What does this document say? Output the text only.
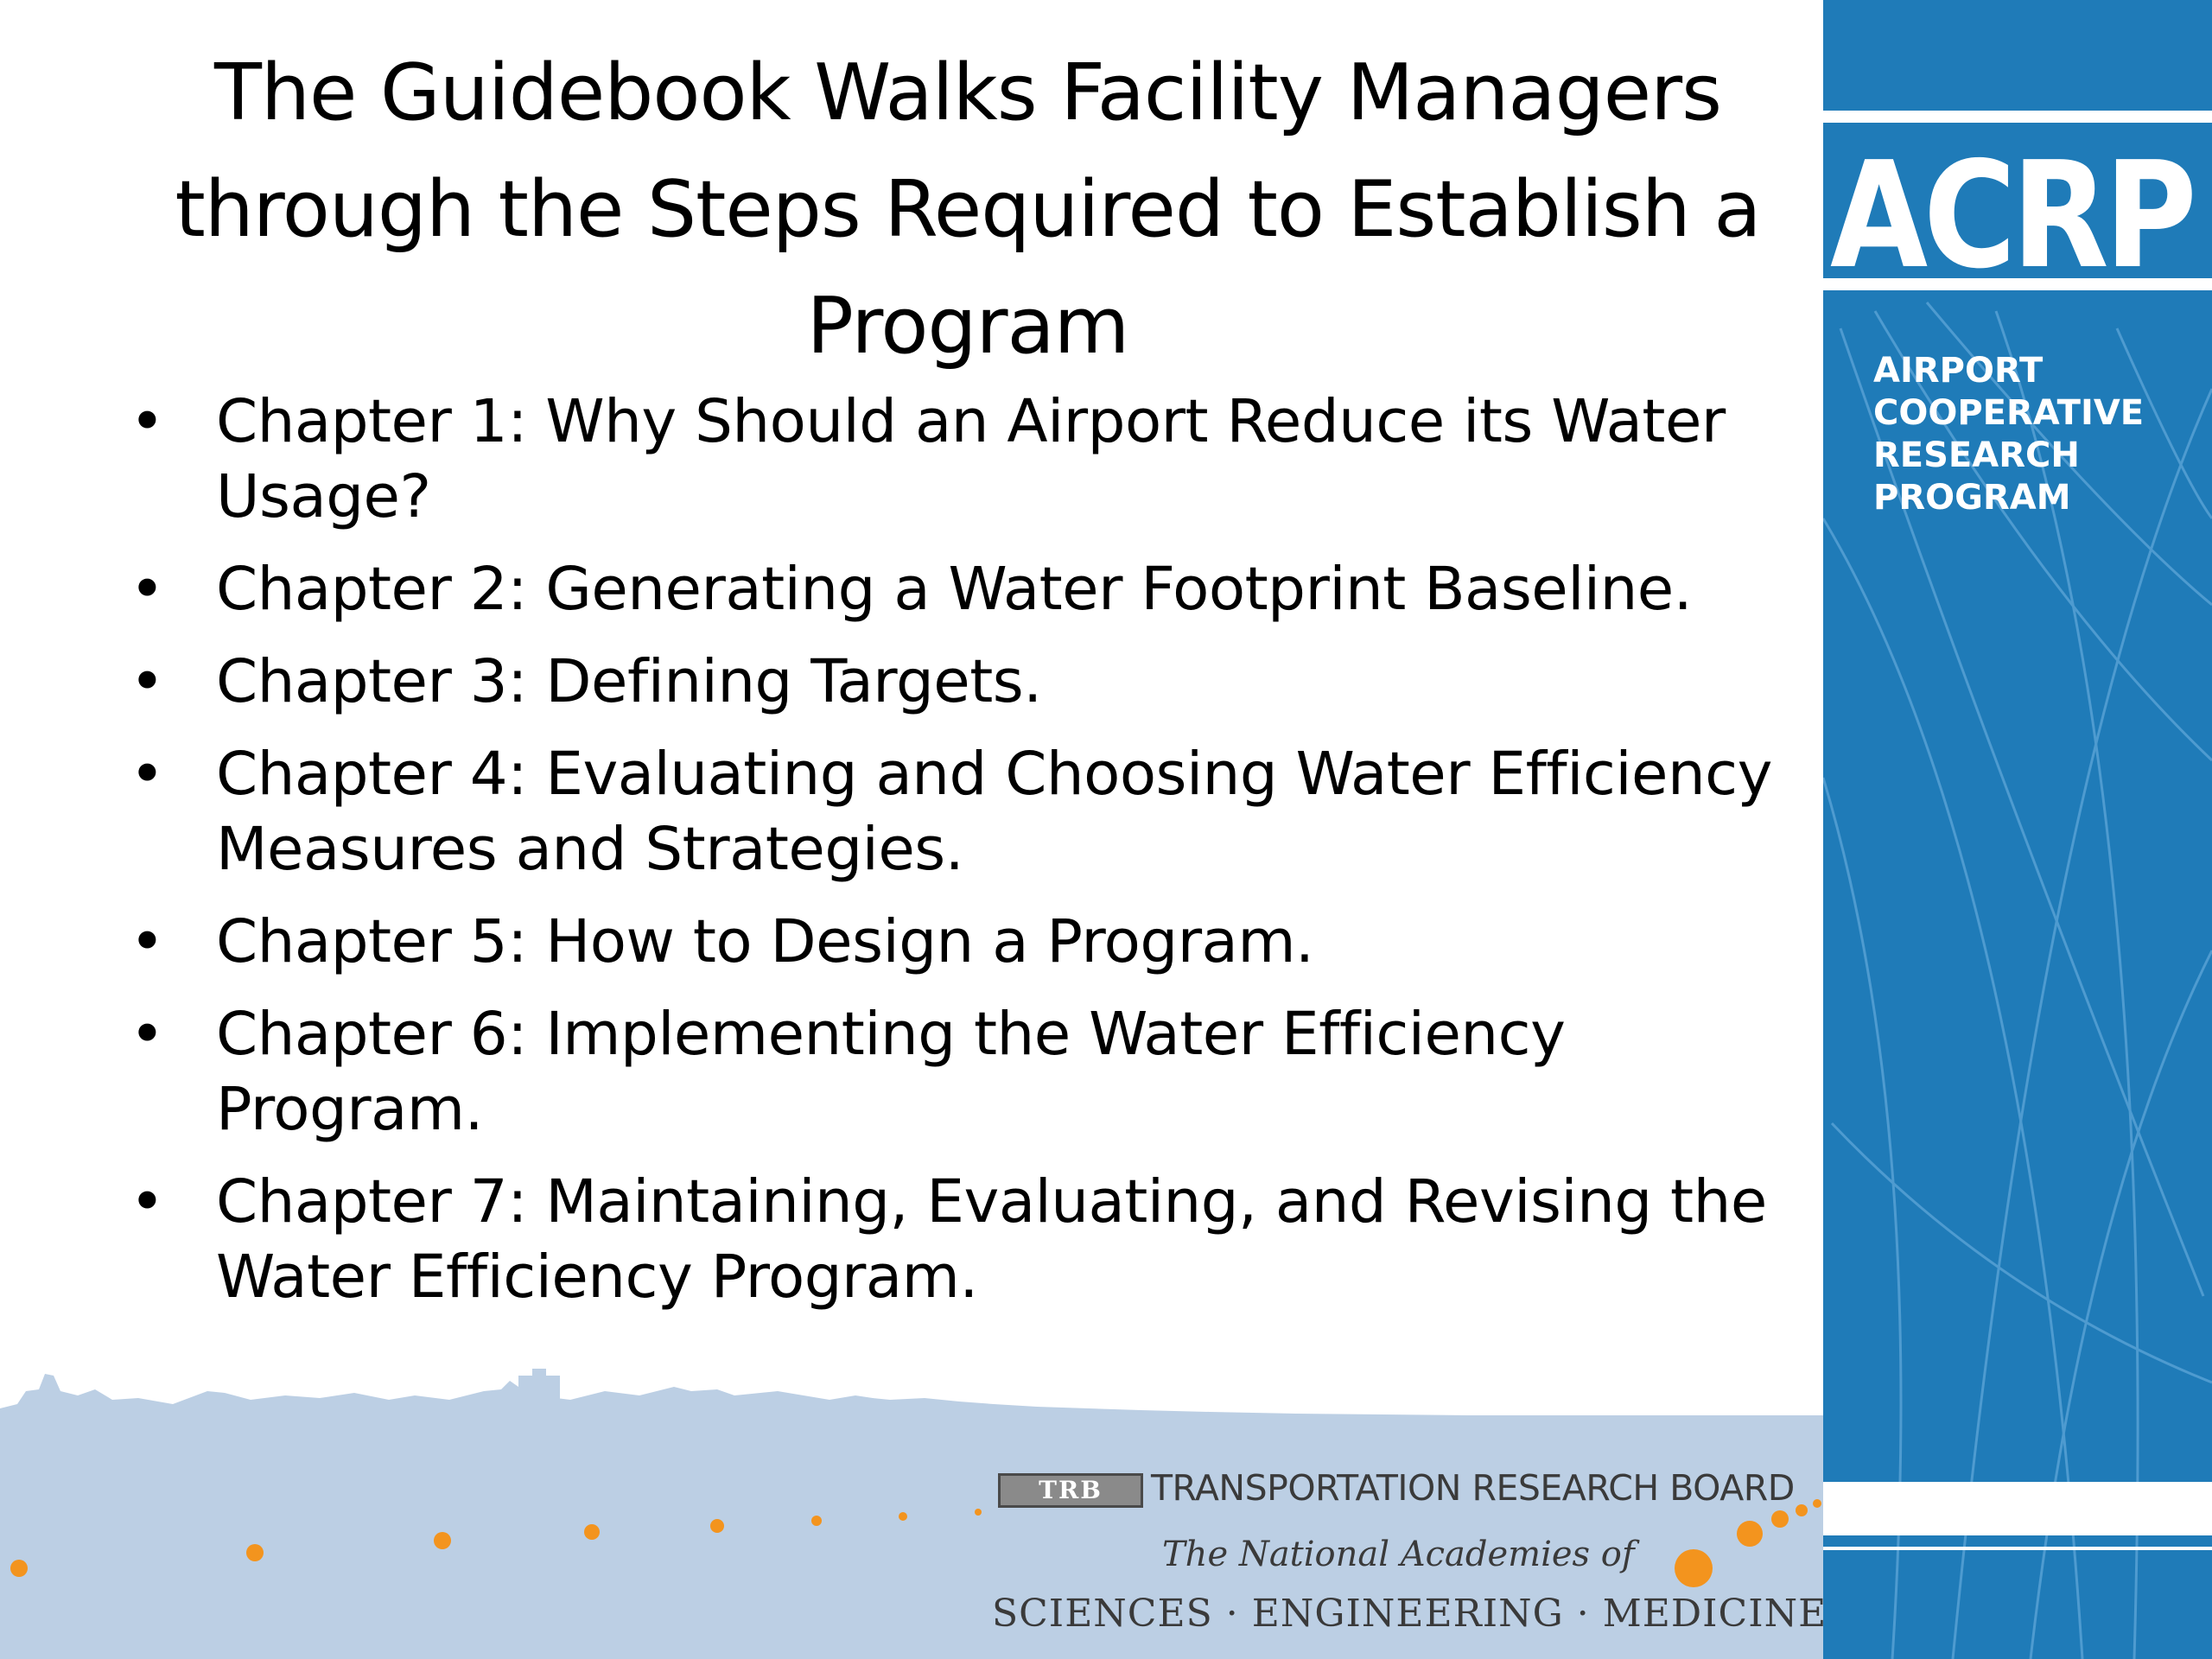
The Guidebook Walks Facility Managers through the Steps Required to Establish a Program
• Chapter 1: Why Should an Airport Reduce its Water Usage?
• Chapter 2: Generating a Water Footprint Baseline.
• Chapter 3: Defining Targets.
• Chapter 4: Evaluating and Choosing Water Efficiency Measures and Strategies.
• Chapter 5: How to Design a Program.
• Chapter 6: Implementing the Water Efficiency Program.
• Chapter 7: Maintaining, Evaluating, and Revising the Water Efficiency Program.
ACRP
AIRPORT
COOPERATIVE
RESEARCH
PROGRAM
TRB	TRANSPORTATION RESEARCH BOARD
The National Academies of
SCIENCES · ENGINEERING · MEDICINE
